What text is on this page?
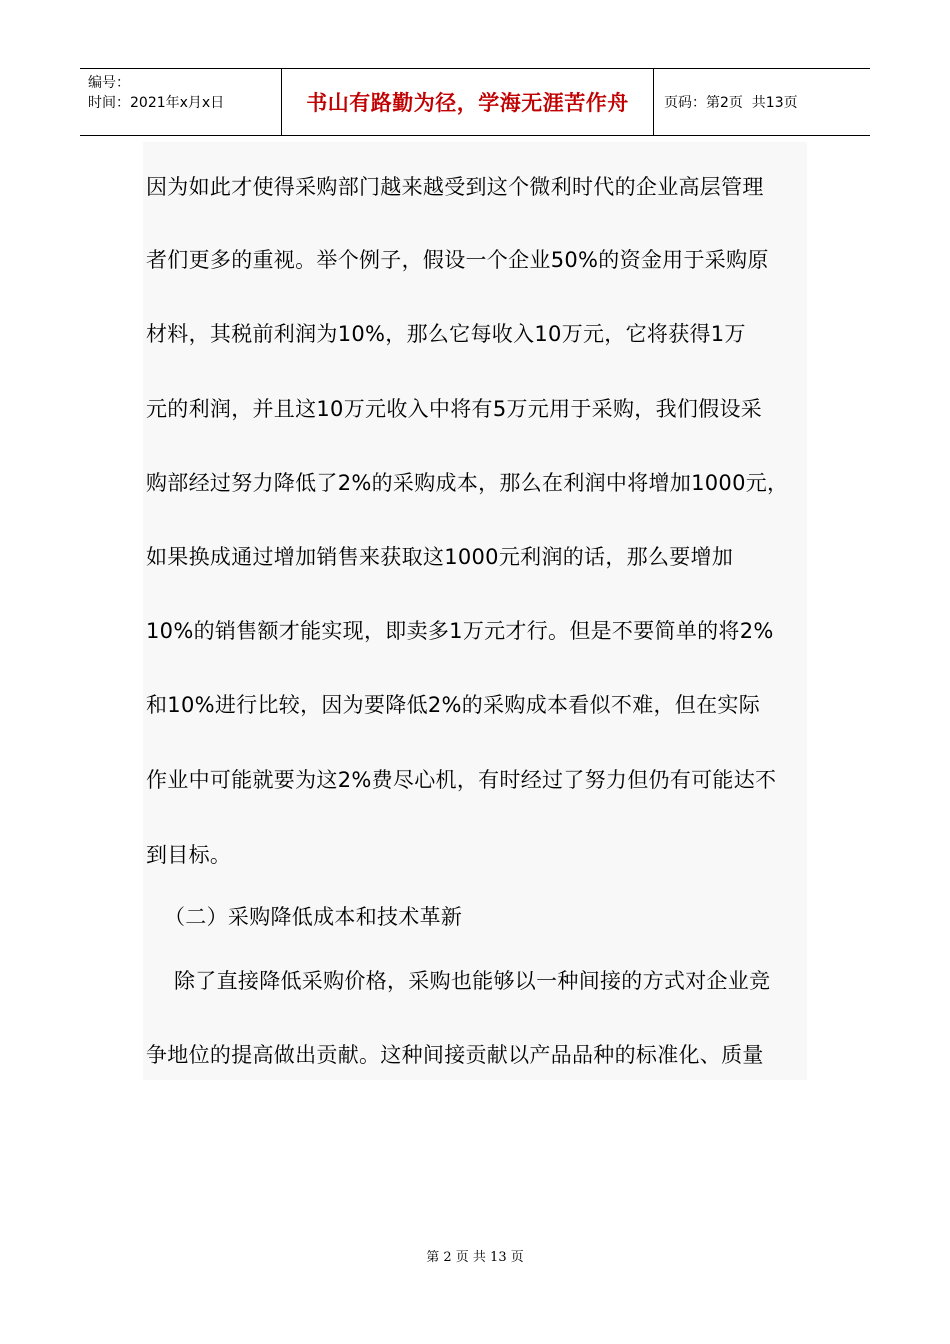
编号：
时间：2021年x月x日	书山有路勤为径，学海无涯苦作舟	页码：第2页  共13页
因为如此才使得采购部门越来越受到这个微利时代的企业高层管理
者们更多的重视。举个例子，假设一个企业50%的资金用于采购原
材料，其税前利润为10%，那么它每收入10万元，它将获得1万
元的利润，并且这10万元收入中将有5万元用于采购，我们假设采
购部经过努力降低了2%的采购成本，那么在利润中将增加1000元，
如果换成通过增加销售来获取这1000元利润的话，那么要增加
10%的销售额才能实现，即卖多1万元才行。但是不要简单的将2%
和10%进行比较，因为要降低2%的采购成本看似不难，但在实际
作业中可能就要为这2%费尽心机，有时经过了努力但仍有可能达不
到目标。
（二）采购降低成本和技术革新
除了直接降低采购价格，采购也能够以一种间接的方式对企业竞
争地位的提高做出贡献。这种间接贡献以产品品种的标准化、质量
第 2 页 共 13 页
